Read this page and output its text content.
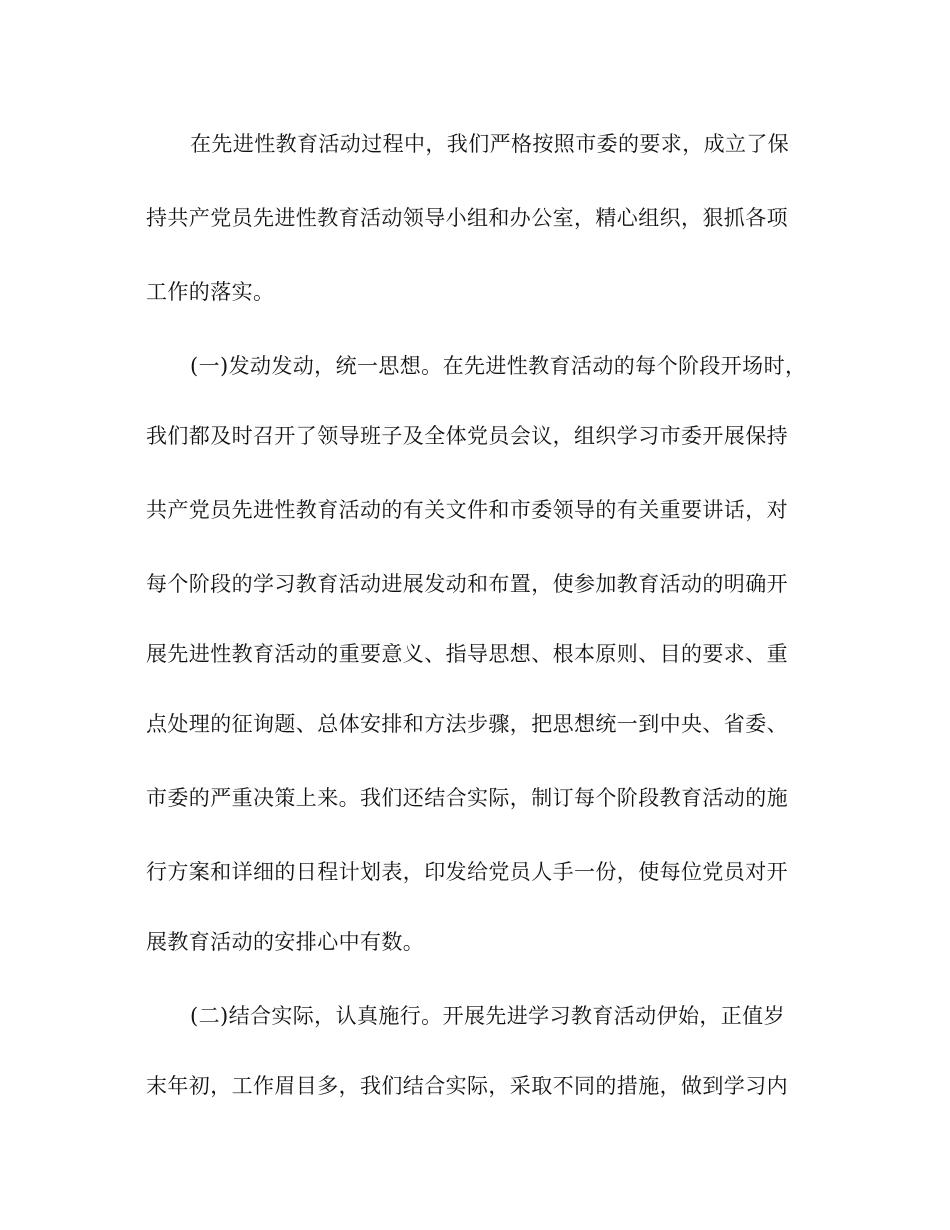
在先进性教育活动过程中，我们严格按照市委的要求，成立了保

持共产党员先进性教育活动领导小组和办公室，精心组织，狠抓各项

工作的落实。

(一)发动发动，统一思想。在先进性教育活动的每个阶段开场时，

我们都及时召开了领导班子及全体党员会议，组织学习市委开展保持

共产党员先进性教育活动的有关文件和市委领导的有关重要讲话，对

每个阶段的学习教育活动进展发动和布置，使参加教育活动的明确开

展先进性教育活动的重要意义、指导思想、根本原则、目的要求、重

点处理的征询题、总体安排和方法步骤，把思想统一到中央、省委、

市委的严重决策上来。我们还结合实际，制订每个阶段教育活动的施

行方案和详细的日程计划表，印发给党员人手一份，使每位党员对开

展教育活动的安排心中有数。

(二)结合实际，认真施行。开展先进学习教育活动伊始，正值岁

末年初，工作眉目多，我们结合实际，采取不同的措施，做到学习内
